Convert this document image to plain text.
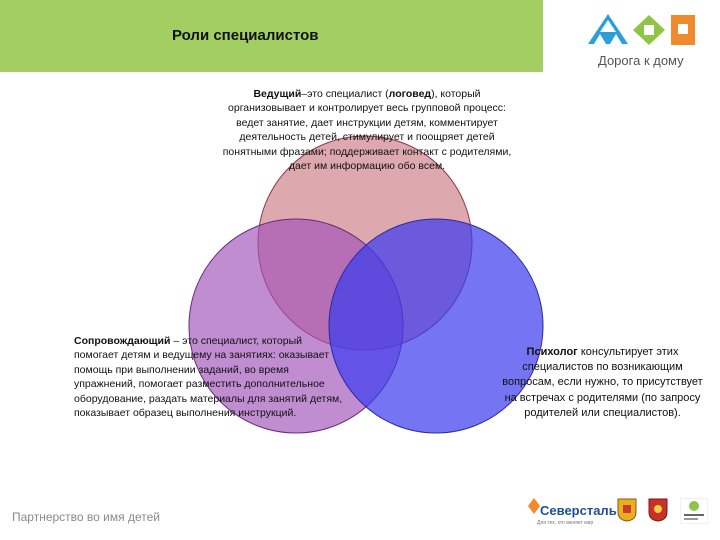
Роли специалистов
Дорога к дому
Ведущий–это специалист (логовед), который организовывает и контролирует весь групповой процесс: ведет занятие, дает инструкции детям, комментирует деятельность детей, стимулирует и поощряет детей понятными фразами; поддерживает контакт с родителями, дает им информацию обо всем.
Сопровождающий – это специалист, который помогает детям и ведущему на занятиях: оказывает помощь при выполнении заданий, во время упражнений, помогает разместить дополнительное оборудование, раздать материалы для занятий детям, показывает образец выполнения инструкций.
Психолог консультирует этих специалистов по возникающим вопросам, если нужно, то присутствует на встречах с родителями (по запросу родителей или специалистов).
Партнерство во имя детей	Северсталь
Для тех, кто меняет мир
